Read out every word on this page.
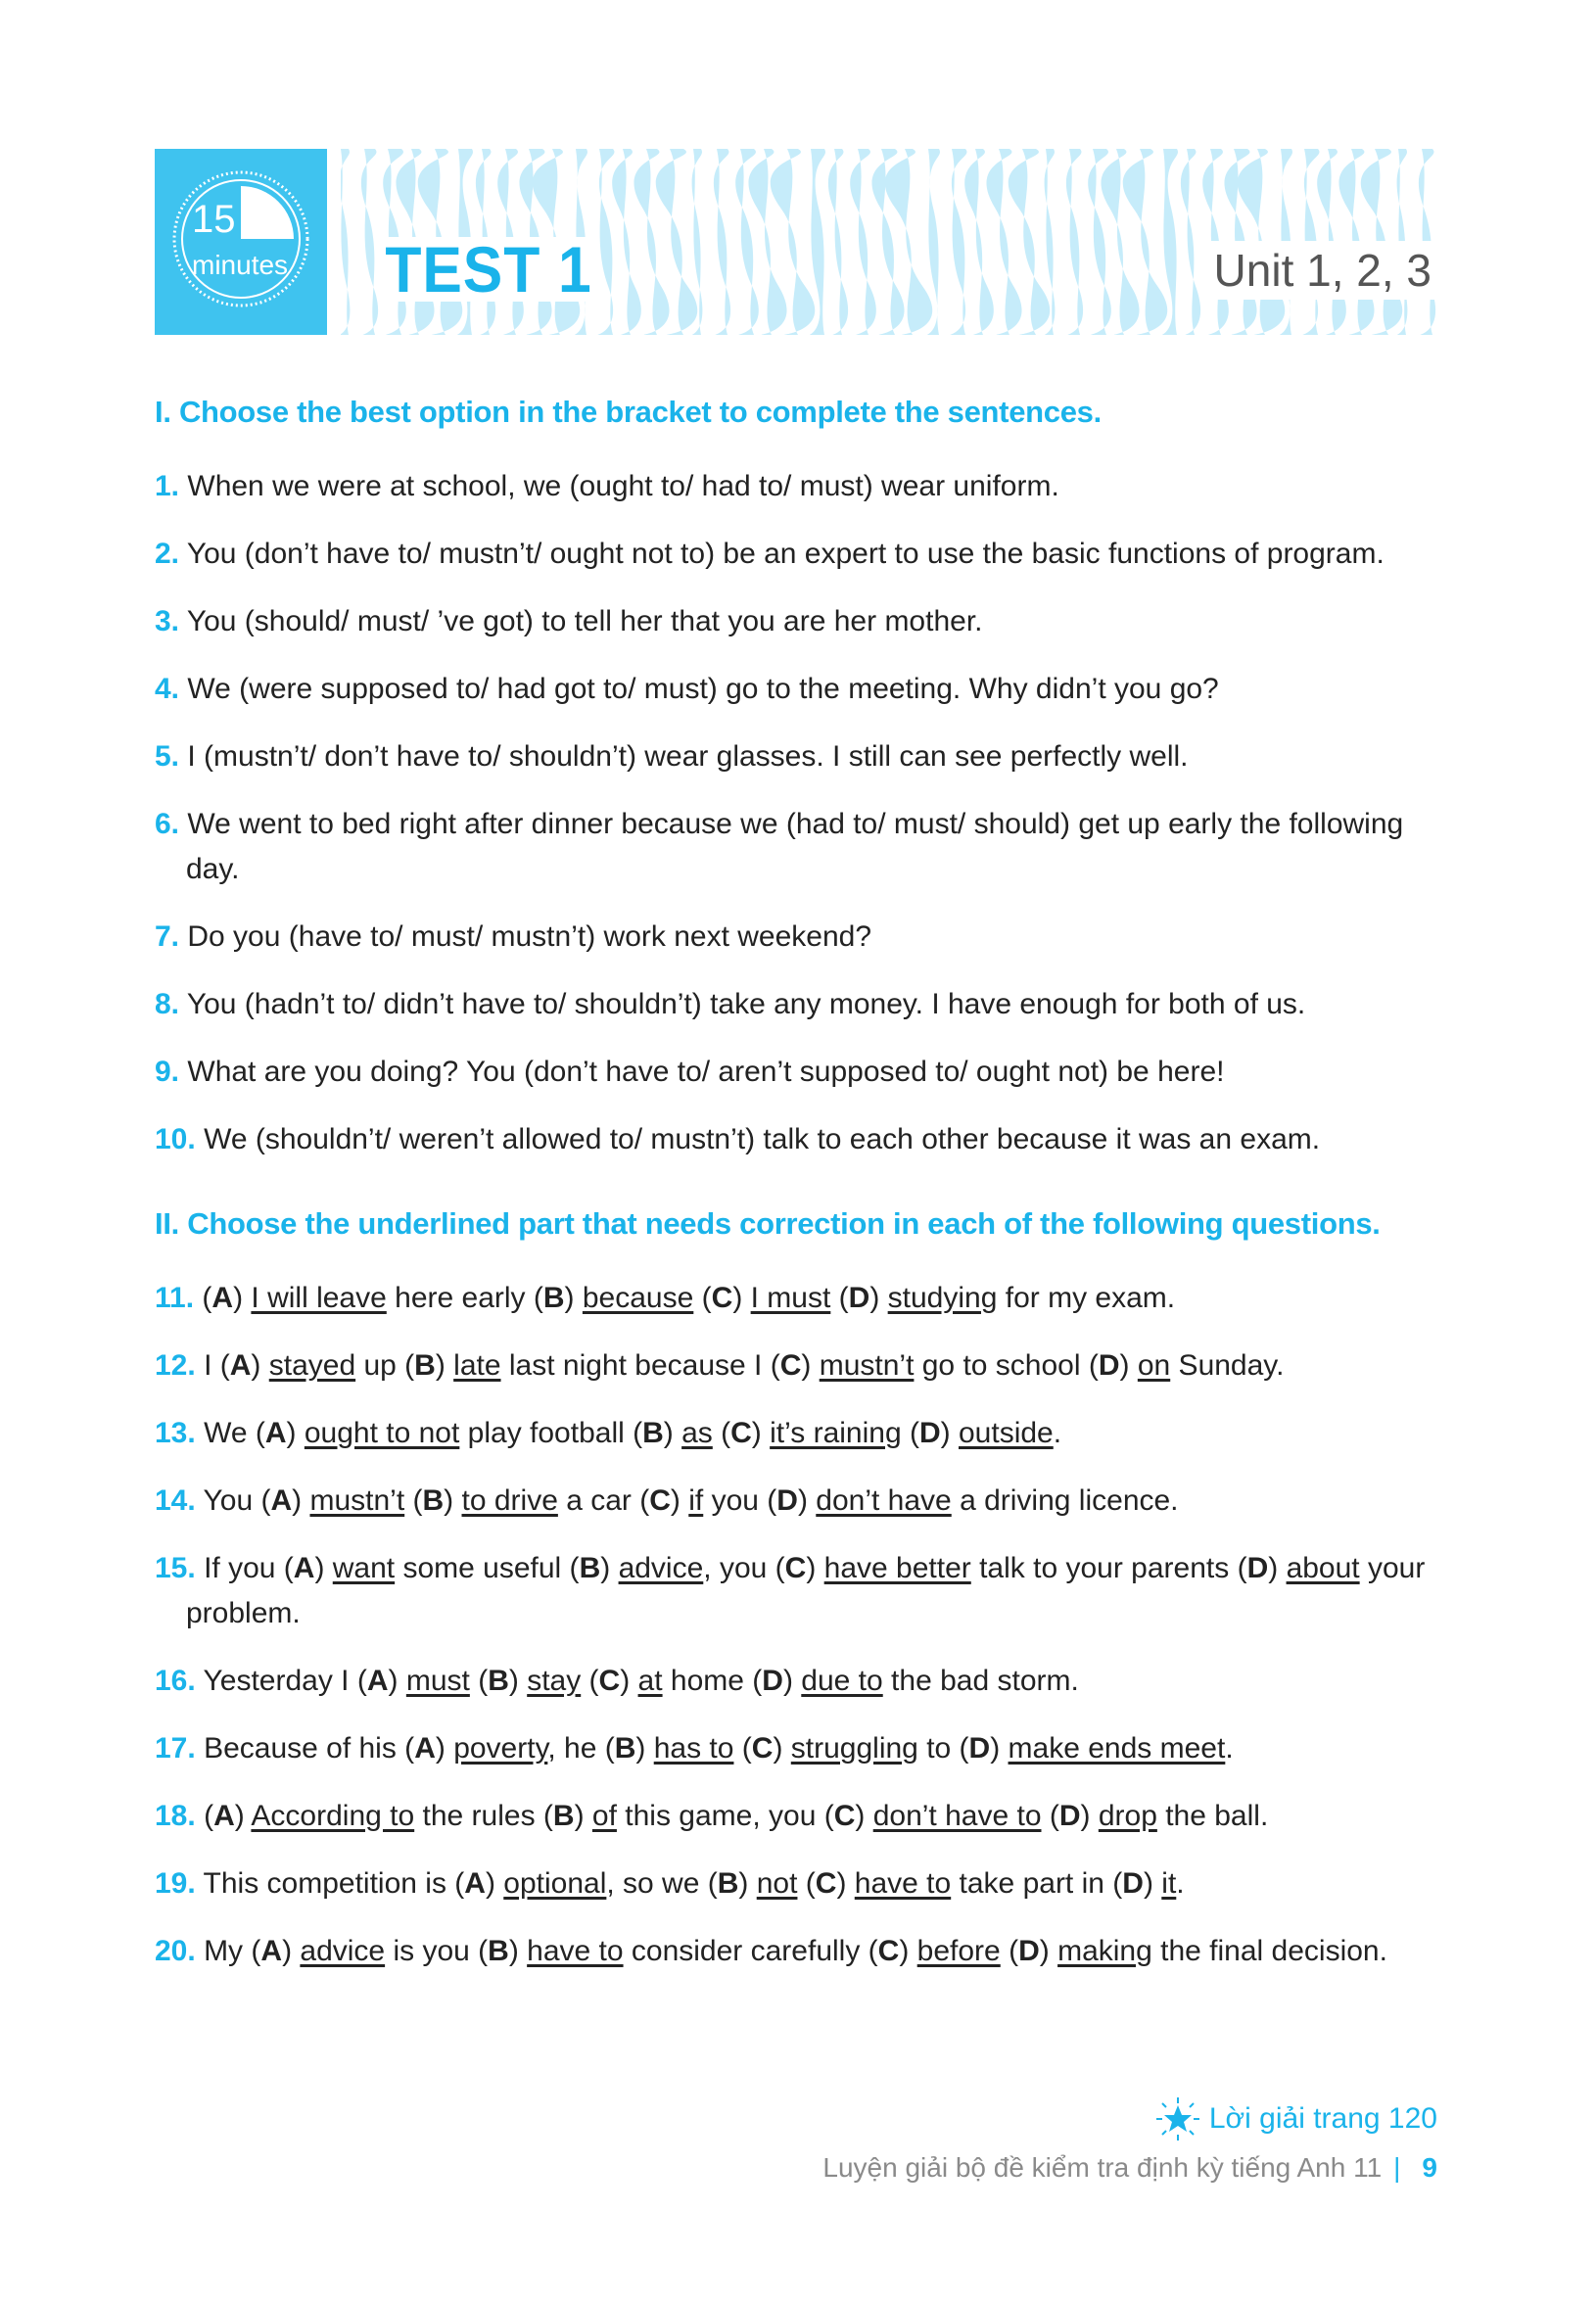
15
minutes TEST 1	Unit 1, 2, 3

I. Choose the best option in the bracket to complete the sentences.

1. When we were at school, we (ought to/ had to/ must) wear uniform.

2. You (don’t have to/ mustn’t/ ought not to) be an expert to use the basic functions of program.

3. You (should/ must/ ’ve got) to tell her that you are her mother.

4. We (were supposed to/ had got to/ must) go to the meeting. Why didn’t you go?

5. I (mustn’t/ don’t have to/ shouldn’t) wear glasses. I still can see perfectly well.

6. We went to bed right after dinner because we (had to/ must/ should) get up early the following
day.

7. Do you (have to/ must/ mustn’t) work next weekend?

8. You (hadn’t to/ didn’t have to/ shouldn’t) take any money. I have enough for both of us.

9. What are you doing? You (don’t have to/ aren’t supposed to/ ought not) be here!

10. We (shouldn’t/ weren’t allowed to/ mustn’t) talk to each other because it was an exam.

II. Choose the underlined part that needs correction in each of the following questions.

11. (A) I will leave here early (B) because (C) I must (D) studying for my exam.

12. I (A) stayed up (B) late last night because I (C) mustn’t go to school (D) on Sunday.

13. We (A) ought to not play football (B) as (C) it’s raining (D) outside.

14. You (A) mustn’t (B) to drive a car (C) if you (D) don’t have a driving licence.

15. If you (A) want some useful (B) advice, you (C) have better talk to your parents (D) about your
problem.

16. Yesterday I (A) must (B) stay (C) at home (D) due to the bad storm.

17. Because of his (A) poverty, he (B) has to (C) struggling to (D) make ends meet.

18. (A) According to the rules (B) of this game, you (C) don’t have to (D) drop the ball.

19. This competition is (A) optional, so we (B) not (C) have to take part in (D) it.

20. My (A) advice is you (B) have to consider carefully (C) before (D) making the final decision.

Lời giải trang 120
Luyện giải bộ đề kiểm tra định kỳ tiếng Anh 11 | 9
